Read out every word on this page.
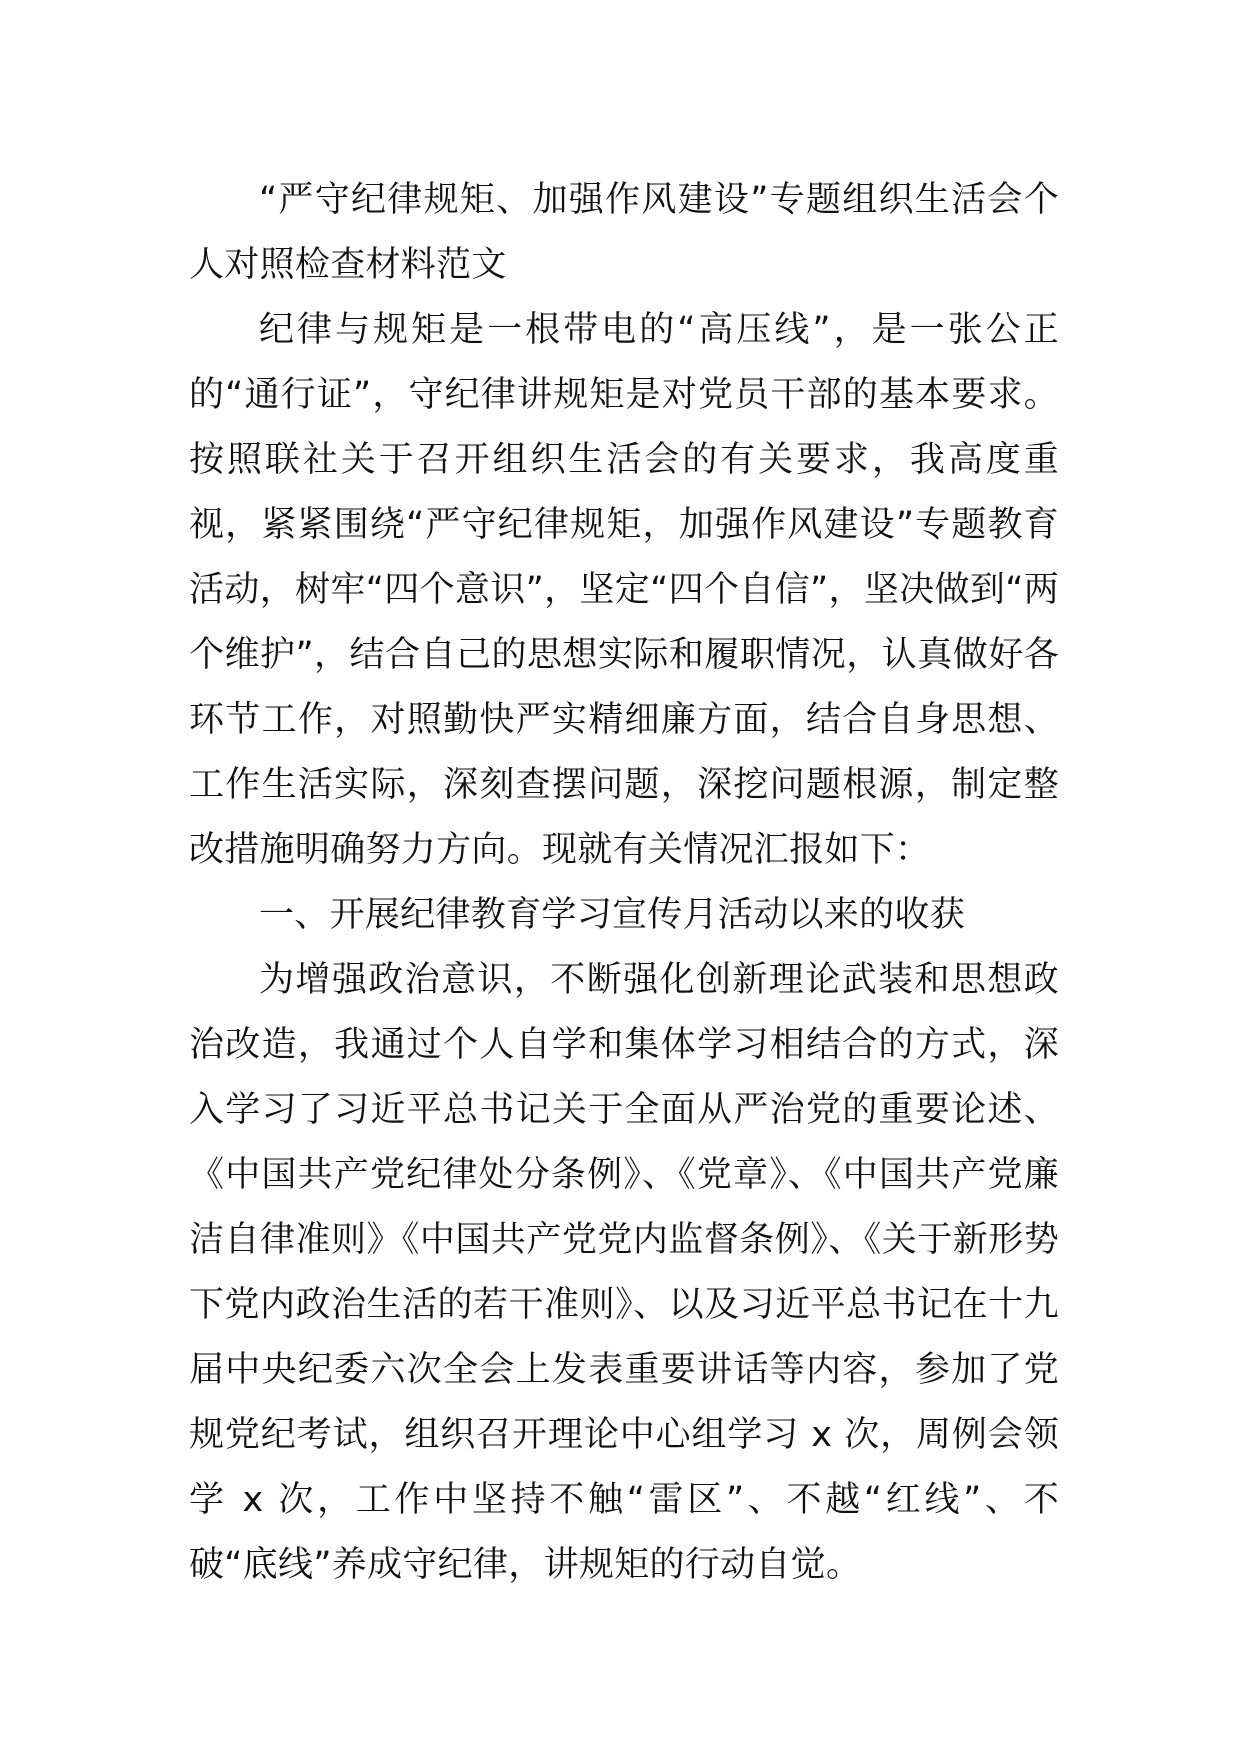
“严守纪律规矩、加强作风建设”专题组织生活会个人对照检查材料范文

纪律与规矩是一根带电的“高压线”，是一张公正的“通行证”，守纪律讲规矩是对党员干部的基本要求。按照联社关于召开组织生活会的有关要求，我高度重视，紧紧围绕“严守纪律规矩，加强作风建设”专题教育活动，树牢“四个意识”，坚定“四个自信”，坚决做到“两个维护”，结合自己的思想实际和履职情况，认真做好各环节工作，对照勤快严实精细廉方面，结合自身思想、工作生活实际，深刻查摆问题，深挖问题根源，制定整改措施明确努力方向。现就有关情况汇报如下：

一、开展纪律教育学习宣传月活动以来的收获

为增强政治意识，不断强化创新理论武装和思想政治改造，我通过个人自学和集体学习相结合的方式，深入学习了习近平总书记关于全面从严治党的重要论述、《中国共产党纪律处分条例》、《党章》、《中国共产党廉洁自律准则》《中国共产党党内监督条例》、《关于新形势下党内政治生活的若干准则》、以及习近平总书记在十九届中央纪委六次全会上发表重要讲话等内容，参加了党规党纪考试，组织召开理论中心组学习 x 次，周例会领学 x 次，工作中坚持不触“雷区”、不越“红线”、不破“底线”养成守纪律，讲规矩的行动自觉。
